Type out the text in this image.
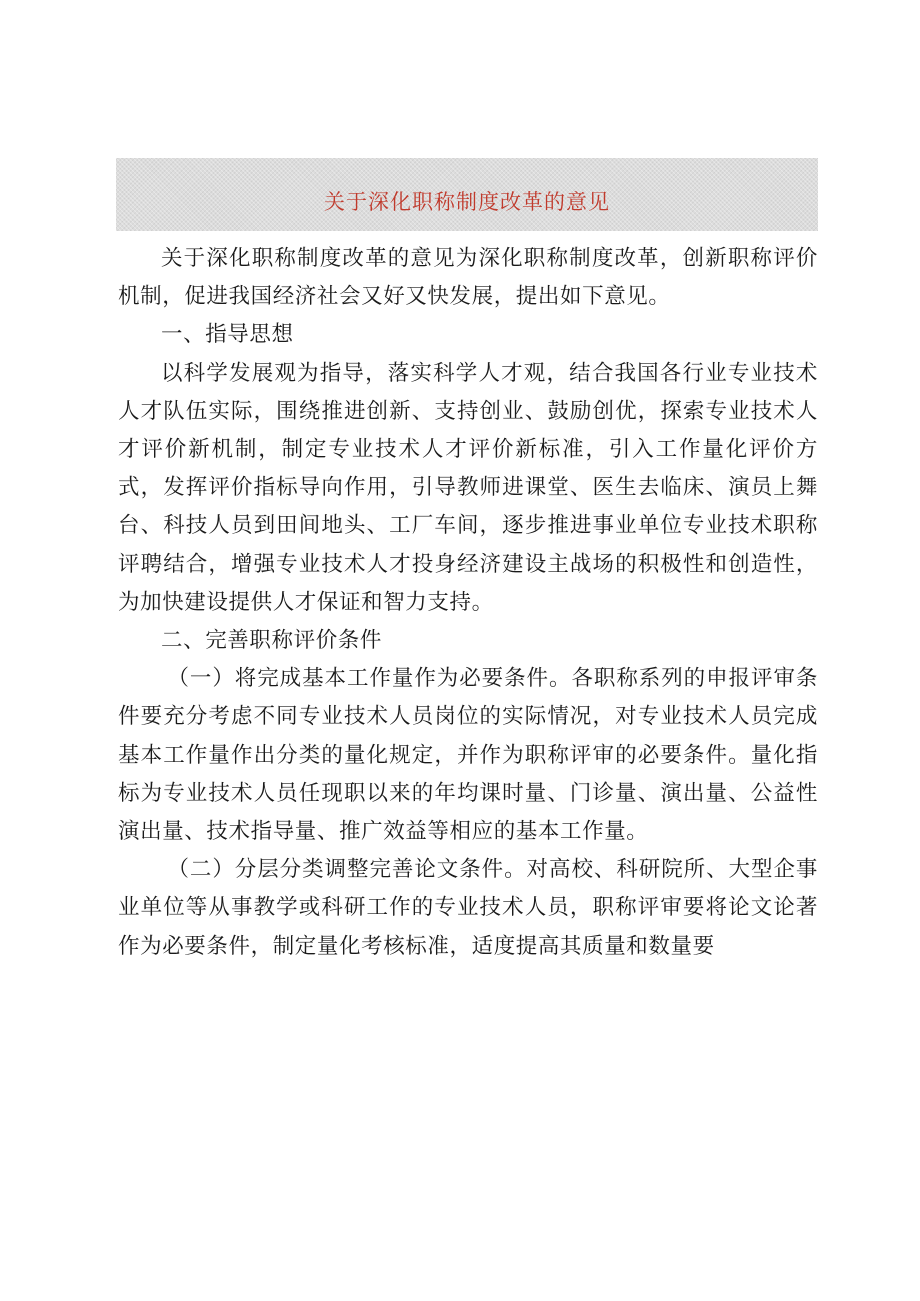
关于深化职称制度改革的意见

关于深化职称制度改革的意见为深化职称制度改革，创新职称评价机制，促进我国经济社会又好又快发展，提出如下意见。

一、指导思想

以科学发展观为指导，落实科学人才观，结合我国各行业专业技术人才队伍实际，围绕推进创新、支持创业、鼓励创优，探索专业技术人才评价新机制，制定专业技术人才评价新标准，引入工作量化评价方式，发挥评价指标导向作用，引导教师进课堂、医生去临床、演员上舞台、科技人员到田间地头、工厂车间，逐步推进事业单位专业技术职称评聘结合，增强专业技术人才投身经济建设主战场的积极性和创造性，为加快建设提供人才保证和智力支持。

二、完善职称评价条件

（一）将完成基本工作量作为必要条件。各职称系列的申报评审条件要充分考虑不同专业技术人员岗位的实际情况，对专业技术人员完成基本工作量作出分类的量化规定，并作为职称评审的必要条件。量化指标为专业技术人员任现职以来的年均课时量、门诊量、演出量、公益性演出量、技术指导量、推广效益等相应的基本工作量。

（二）分层分类调整完善论文条件。对高校、科研院所、大型企事业单位等从事教学或科研工作的专业技术人员，职称评审要将论文论著作为必要条件，制定量化考核标准，适度提高其质量和数量要
